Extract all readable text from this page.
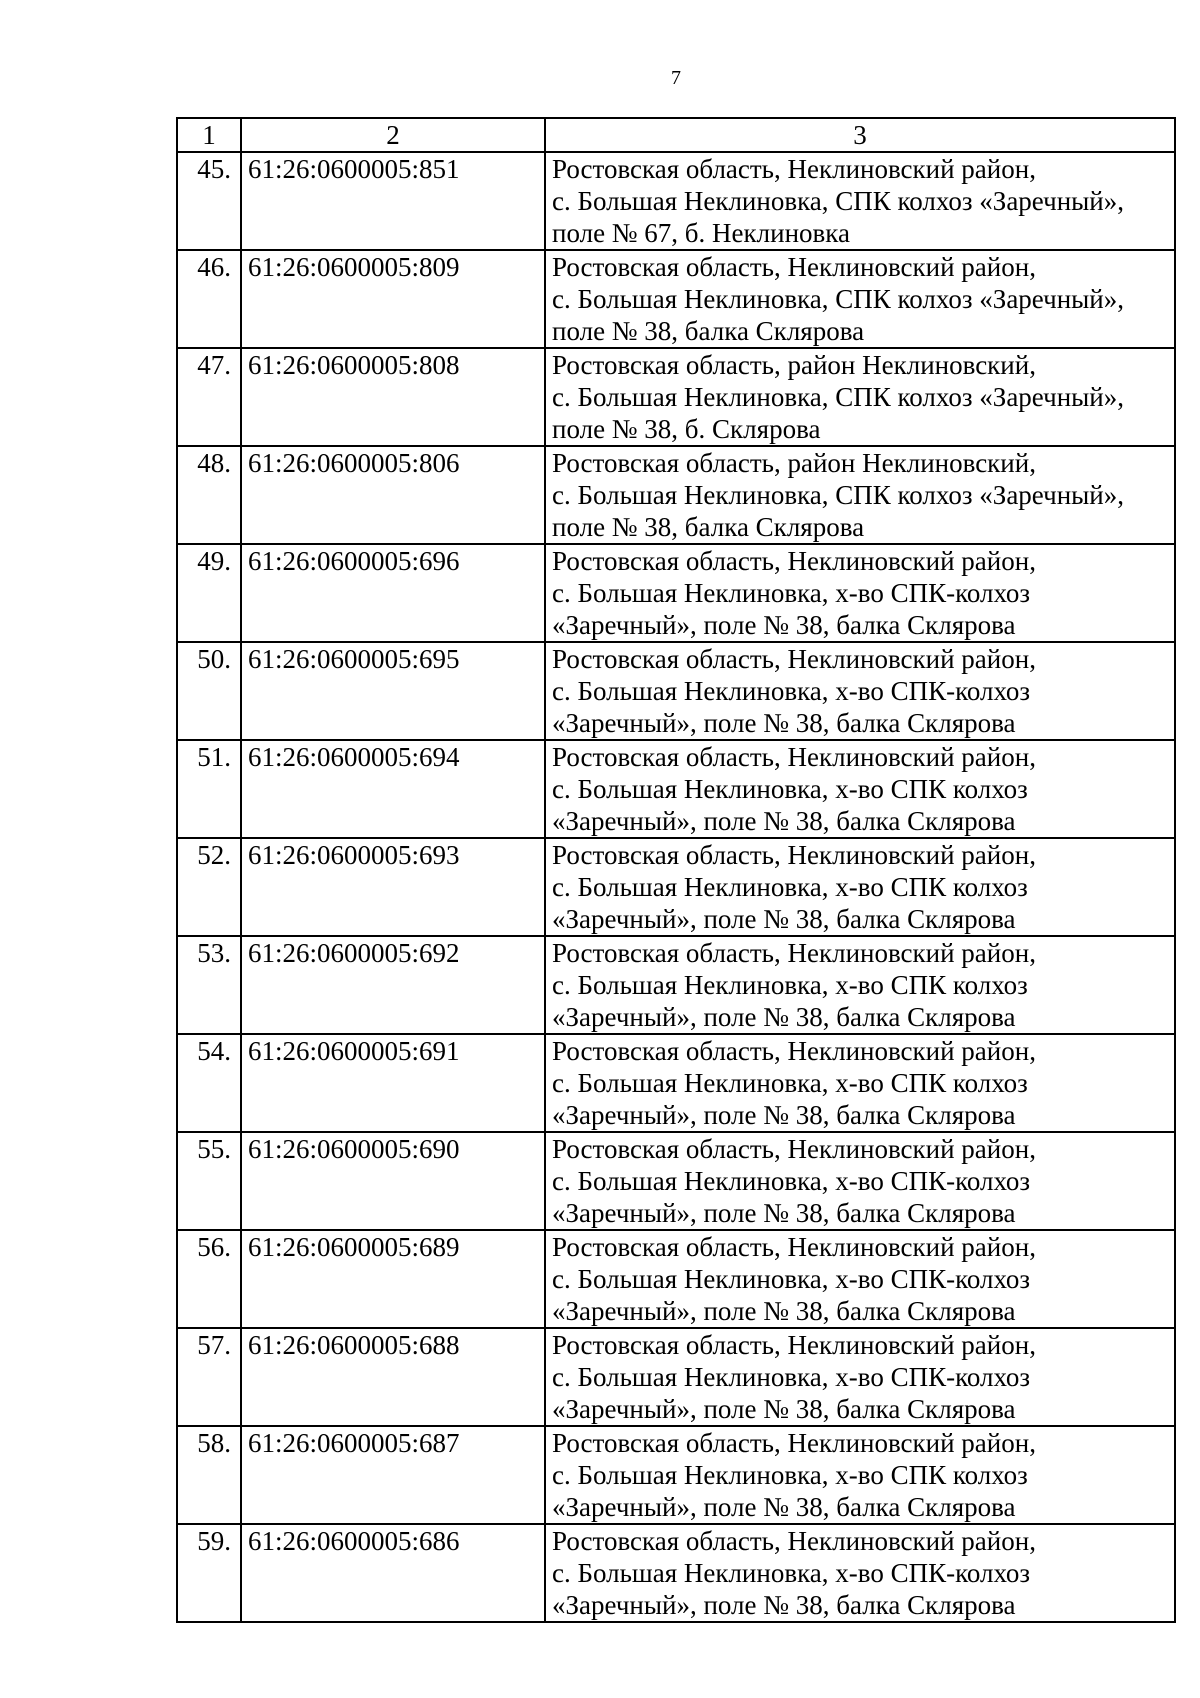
7
1	2	3
45.	61:26:0600005:851	Ростовская область, Неклиновский район,
с. Большая Неклиновка, СПК колхоз «Заречный»,
поле № 67, б. Неклиновка
46.	61:26:0600005:809	Ростовская область, Неклиновский район,
с. Большая Неклиновка, СПК колхоз «Заречный»,
поле № 38, балка Склярова
47.	61:26:0600005:808	Ростовская область, район Неклиновский,
с. Большая Неклиновка, СПК колхоз «Заречный»,
поле № 38, б. Склярова
48.	61:26:0600005:806	Ростовская область, район Неклиновский,
с. Большая Неклиновка, СПК колхоз «Заречный»,
поле № 38, балка Склярова
49.	61:26:0600005:696	Ростовская область, Неклиновский район,
с. Большая Неклиновка, х-во СПК-колхоз
«Заречный», поле № 38, балка Склярова
50.	61:26:0600005:695	Ростовская область, Неклиновский район,
с. Большая Неклиновка, х-во СПК-колхоз
«Заречный», поле № 38, балка Склярова
51.	61:26:0600005:694	Ростовская область, Неклиновский район,
с. Большая Неклиновка, х-во СПК колхоз
«Заречный», поле № 38, балка Склярова
52.	61:26:0600005:693	Ростовская область, Неклиновский район,
с. Большая Неклиновка, х-во СПК колхоз
«Заречный», поле № 38, балка Склярова
53.	61:26:0600005:692	Ростовская область, Неклиновский район,
с. Большая Неклиновка, х-во СПК колхоз
«Заречный», поле № 38, балка Склярова
54.	61:26:0600005:691	Ростовская область, Неклиновский район,
с. Большая Неклиновка, х-во СПК колхоз
«Заречный», поле № 38, балка Склярова
55.	61:26:0600005:690	Ростовская область, Неклиновский район,
с. Большая Неклиновка, х-во СПК-колхоз
«Заречный», поле № 38, балка Склярова
56.	61:26:0600005:689	Ростовская область, Неклиновский район,
с. Большая Неклиновка, х-во СПК-колхоз
«Заречный», поле № 38, балка Склярова
57.	61:26:0600005:688	Ростовская область, Неклиновский район,
с. Большая Неклиновка, х-во СПК-колхоз
«Заречный», поле № 38, балка Склярова
58.	61:26:0600005:687	Ростовская область, Неклиновский район,
с. Большая Неклиновка, х-во СПК колхоз
«Заречный», поле № 38, балка Склярова
59.	61:26:0600005:686	Ростовская область, Неклиновский район,
с. Большая Неклиновка, х-во СПК-колхоз
«Заречный», поле № 38, балка Склярова
